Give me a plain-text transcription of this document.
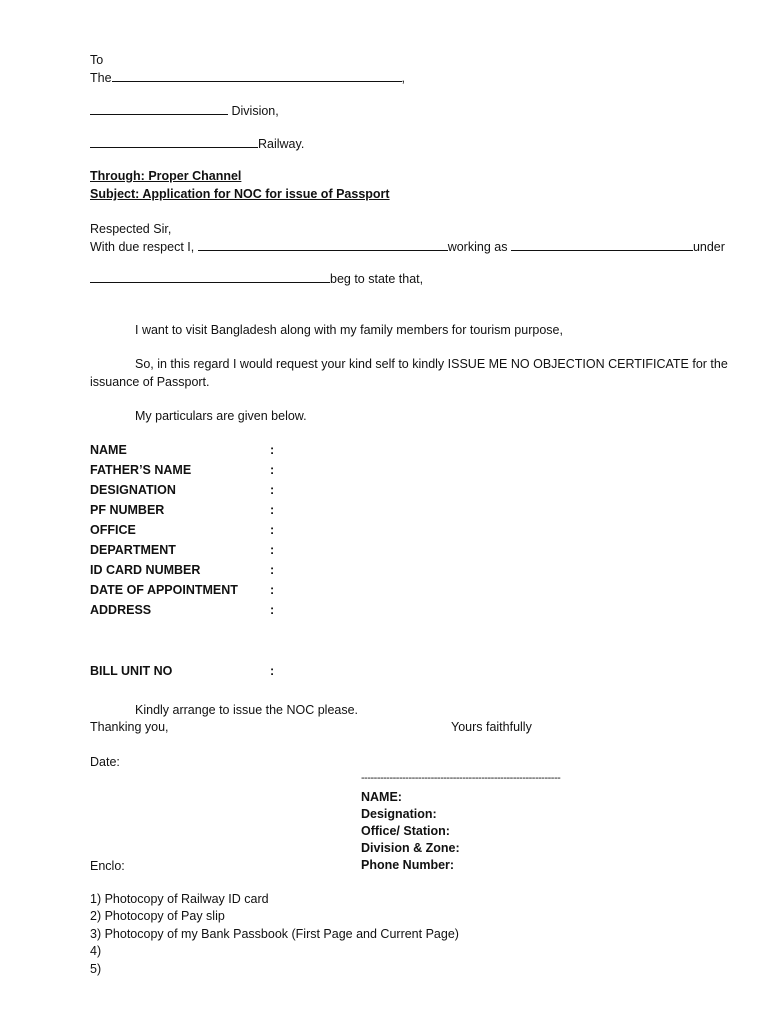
To
The	,
Division,
Railway.
Through: Proper Channel
Subject: Application for NOC for issue of Passport
Respected Sir,
With due respect I,	working as	under
beg to state that,
I want to visit Bangladesh along with my family members for tourism purpose,
So, in this regard I would request your kind self to kindly ISSUE ME NO OBJECTION CERTIFICATE for the
issuance of Passport.
My particulars are given below.
NAME	:
FATHER’S NAME	:
DESIGNATION	:
PF NUMBER	:
OFFICE	:
DEPARTMENT	:
ID CARD NUMBER	:
DATE OF APPOINTMENT	:
ADDRESS	:
BILL UNIT NO	:
Kindly arrange to issue the NOC please.
Thanking you,	Yours faithfully
Date:
---------------------------------------------------------------
NAME:
Designation:
Office/ Station:
Division & Zone:
Phone Number:
Enclo:
1) Photocopy of Railway ID card
2) Photocopy of Pay slip
3) Photocopy of my Bank Passbook (First Page and Current Page)
4)
5)
